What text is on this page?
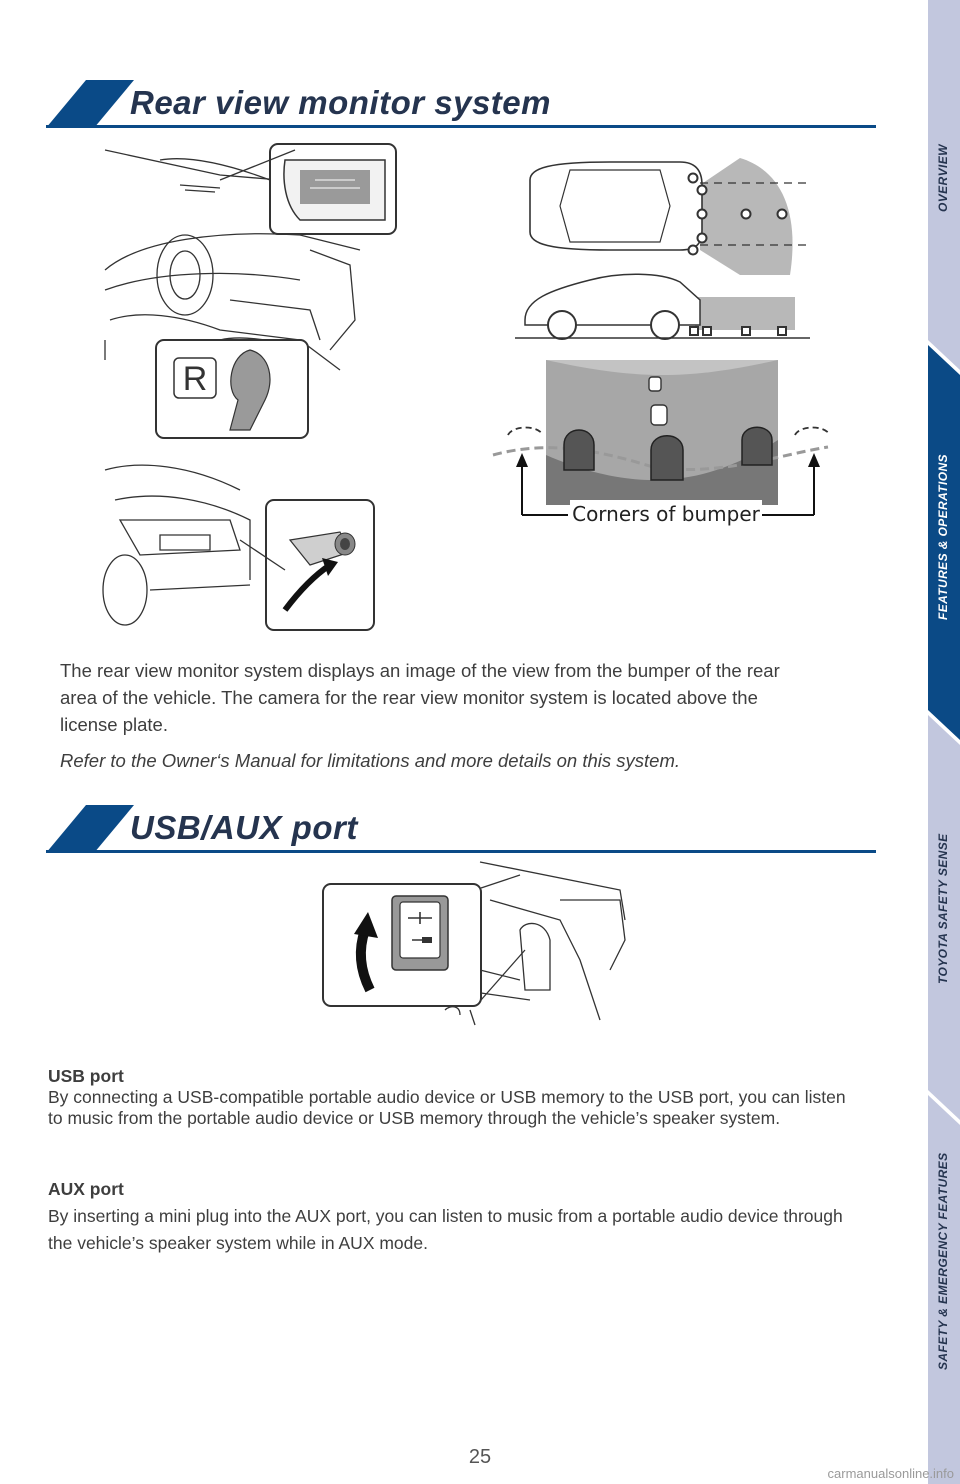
Rear view monitor system
R
Corners of bumper
The rear view monitor system displays an image of the view from the bumper of the rear area of the vehicle. The camera for the rear view monitor system is located above the license plate.
Refer to the Owner‘s Manual for limitations and more details on this system.
USB/AUX port
USB port
By connecting a USB-compatible portable audio device or USB memory to the USB port, you can listen to music from the portable audio device or USB memory through the vehicle’s speaker system.
AUX port
By inserting a mini plug into the AUX port, you can listen to music from a portable audio device through the vehicle’s speaker system while in AUX mode.
OVERVIEW
FEATURES & OPERATIONS
TOYOTA SAFETY SENSE
SAFETY & EMERGENCY FEATURES
25
carmanualsonline.info
